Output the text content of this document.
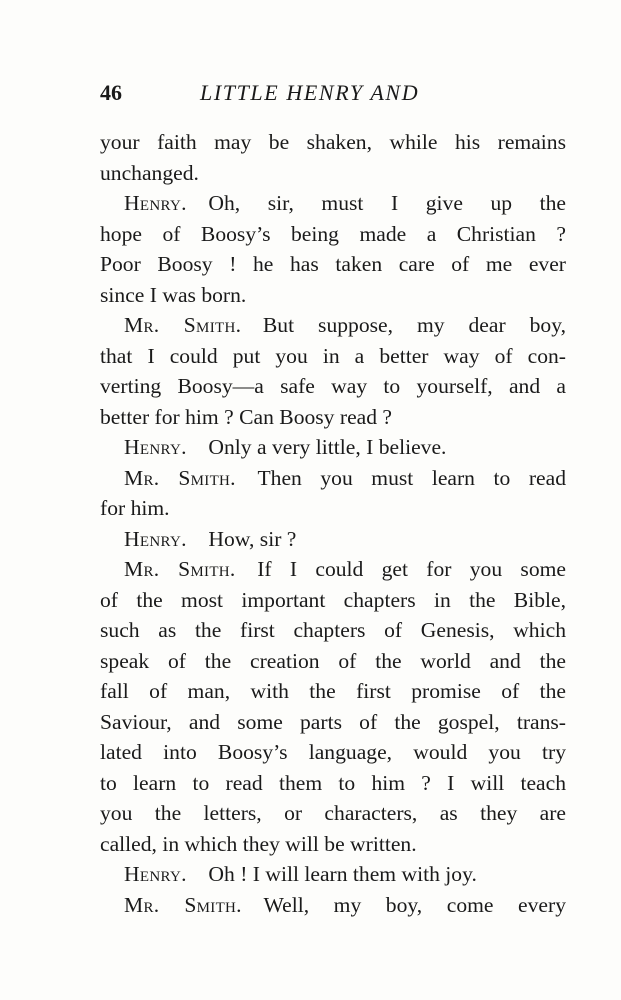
46	LITTLE HENRY AND
your faith may be shaken, while his remains
unchanged.
Henry.  Oh, sir, must I give up the
hope of Boosy’s being made a Christian ?
Poor Boosy ! he has taken care of me ever
since I was born.
Mr. Smith.  But suppose, my dear boy,
that I could put you in a better way of con-
verting Boosy—a safe way to yourself, and a
better for him ? Can Boosy read ?
Henry.  Only a very little, I believe.
Mr. Smith.  Then you must learn to read
for him.
Henry.  How, sir ?
Mr. Smith.  If I could get for you some
of the most important chapters in the Bible,
such as the first chapters of Genesis, which
speak of the creation of the world and the
fall of man, with the first promise of the
Saviour, and some parts of the gospel, trans-
lated into Boosy’s language, would you try
to learn to read them to him ? I will teach
you the letters, or characters, as they are
called, in which they will be written.
Henry.  Oh ! I will learn them with joy.
Mr. Smith.  Well, my boy, come every
